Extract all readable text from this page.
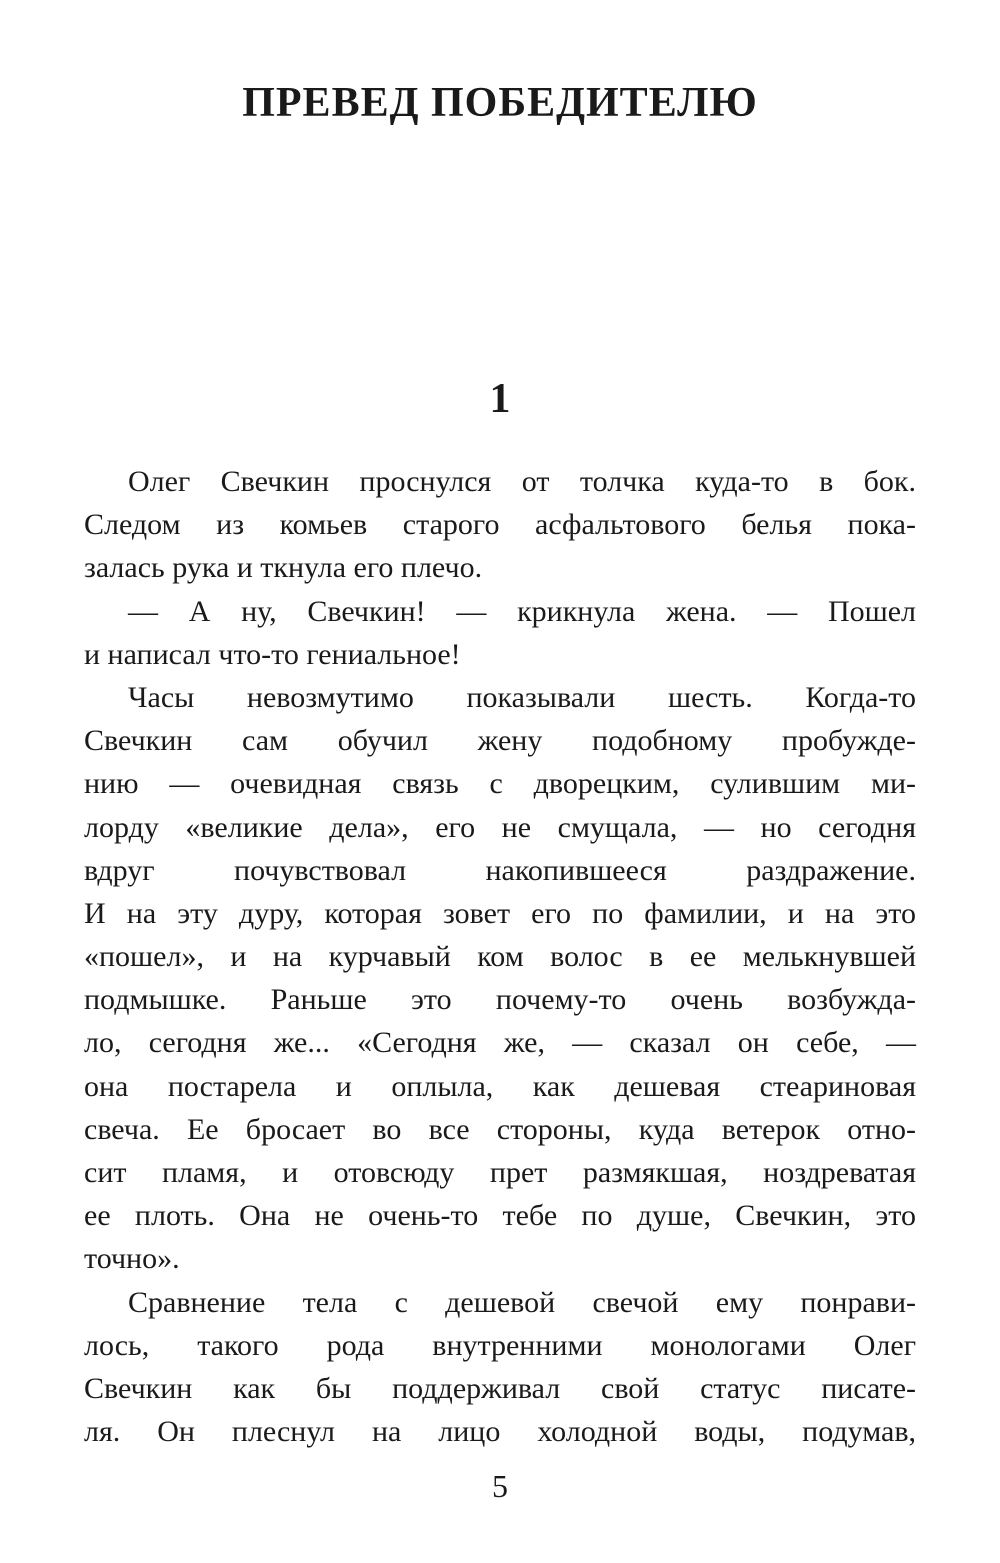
ПРЕВЕД ПОБЕДИТЕЛЮ
1
Олег Свечкин проснулся от толчка куда-то в бок.
Следом из комьев старого асфальтового белья пока-
залась рука и ткнула его плечо.
— А ну, Свечкин! — крикнула жена. — Пошел
и написал что-то гениальное!
Часы невозмутимо показывали шесть. Когда-то
Свечкин сам обучил жену подобному пробужде-
нию — очевидная связь с дворецким, сулившим ми-
лорду «великие дела», его не смущала, — но сегодня
вдруг почувствовал накопившееся раздражение.
И на эту дуру, которая зовет его по фамилии, и на это
«пошел», и на курчавый ком волос в ее мелькнувшей
подмышке. Раньше это почему-то очень возбужда-
ло, сегодня же... «Сегодня же, — сказал он себе, —
она постарела и оплыла, как дешевая стеариновая
свеча. Ее бросает во все стороны, куда ветерок отно-
сит пламя, и отовсюду прет размякшая, ноздреватая
ее плоть. Она не очень-то тебе по душе, Свечкин, это
точно».
Сравнение тела с дешевой свечой ему понрави-
лось, такого рода внутренними монологами Олег
Свечкин как бы поддерживал свой статус писате-
ля. Он плеснул на лицо холодной воды, подумав,
5
